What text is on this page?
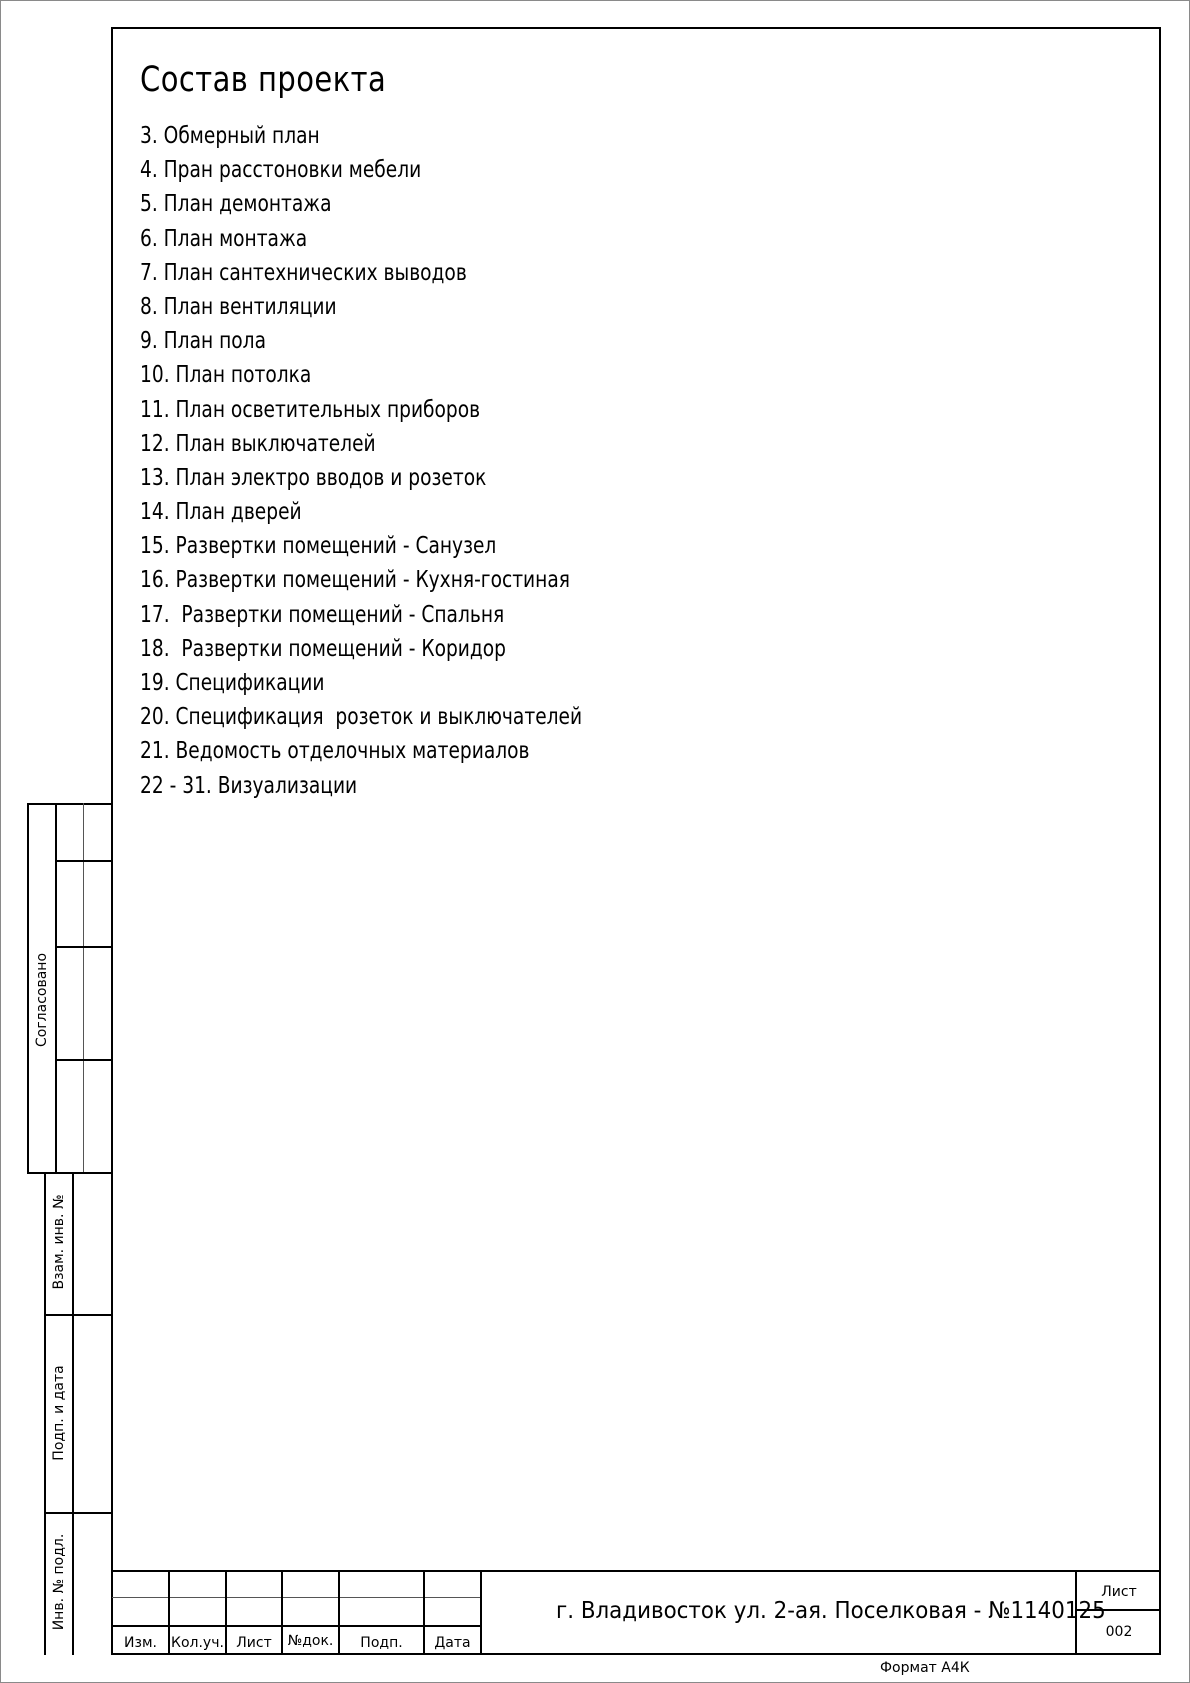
Состав проекта
3. Обмерный план
4. Пран расстоновки мебели
5. План демонтажа
6. План монтажа
7. План сантехнических выводов
8. План вентиляции
9. План пола
10. План потолка
11. План осветительных приборов
12. План выключателей
13. План электро вводов и розеток
14. План дверей
15. Развертки помещений - Санузел
16. Развертки помещений - Кухня-гостиная
17.  Развертки помещений - Спальня
18.  Развертки помещений - Коридор
19. Спецификации
20. Спецификация  розеток и выключателей
21. Ведомость отделочных материалов
22 - 31. Визуализации
Согласовано
Взам. инв. №
Подп. и дата
Инв. № подл.
Изм.	Кол.уч. Лист	№док.	Подп.	Дата
г. Владивосток ул. 2-ая. Поселковая - №1140125
Лист
002
Формат А4К
